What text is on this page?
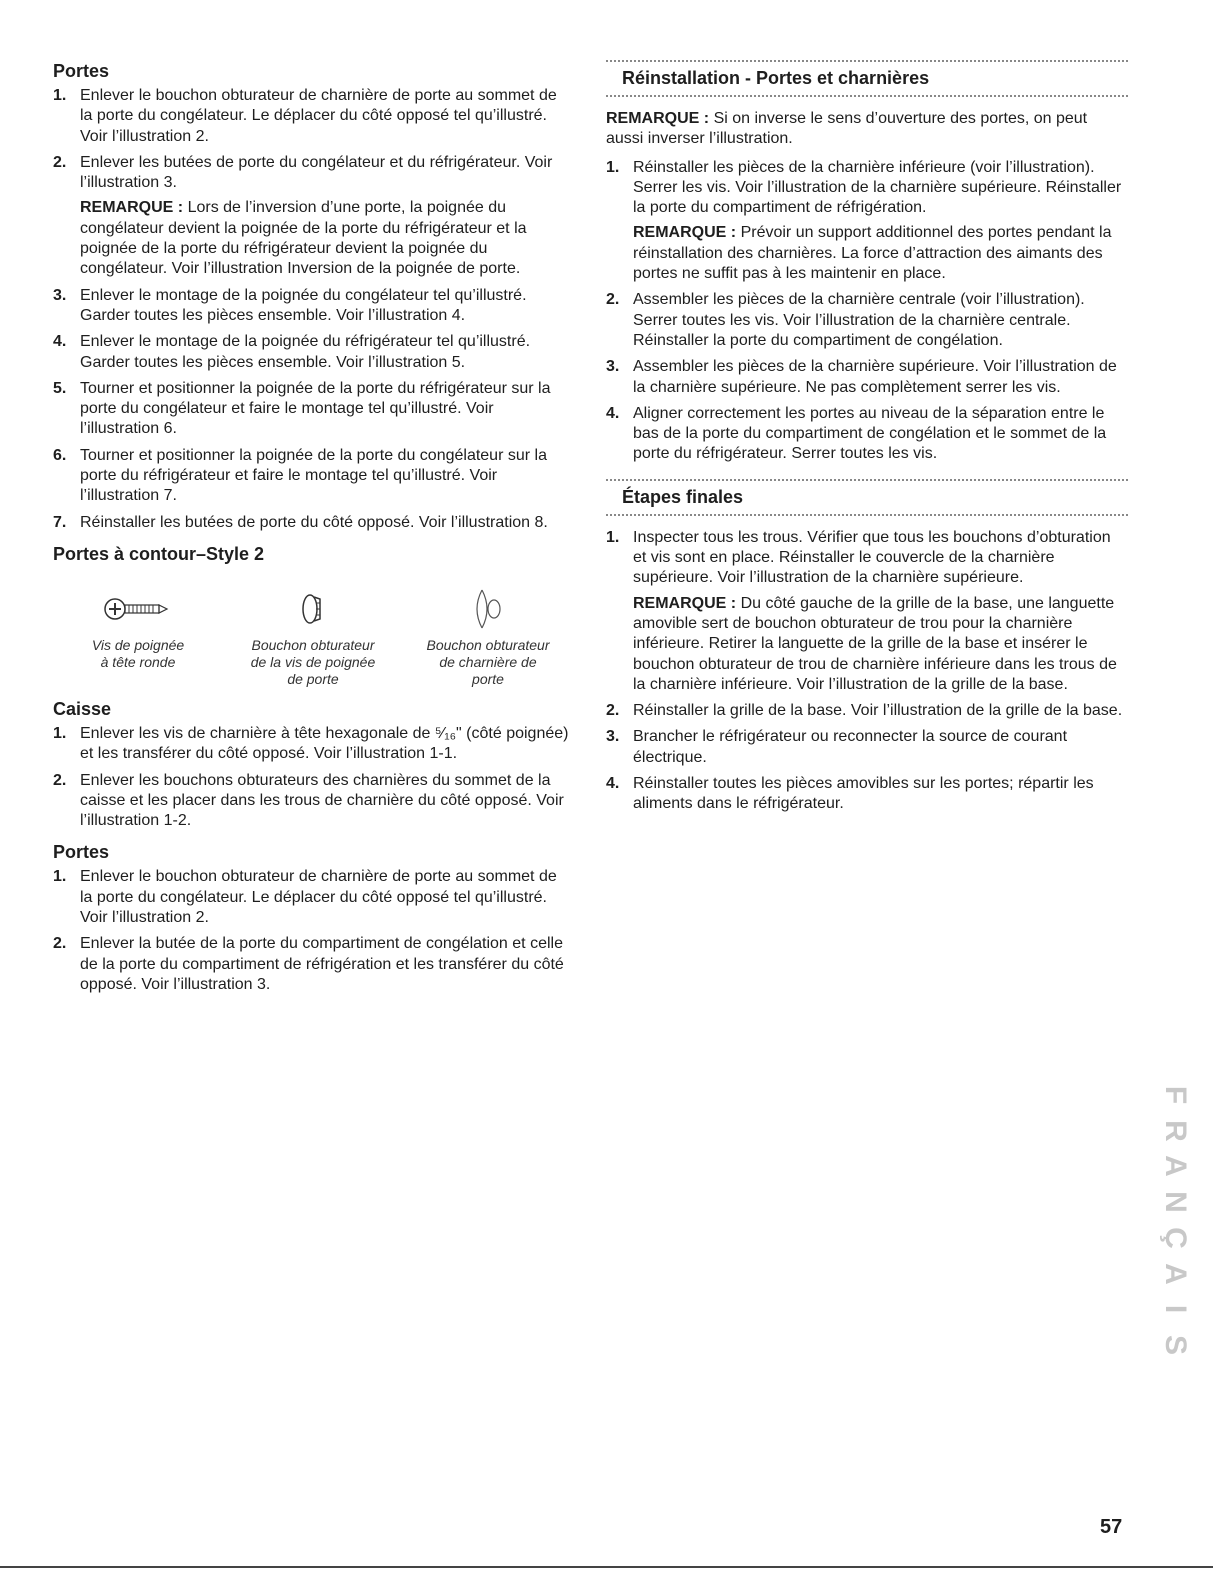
Portes
1. Enlever le bouchon obturateur de charnière de porte au sommet de la porte du congélateur. Le déplacer du côté opposé tel qu’illustré. Voir l’illustration 2.
2. Enlever les butées de porte du congélateur et du réfrigérateur. Voir l’illustration 3.
REMARQUE : Lors de l’inversion d’une porte, la poignée du congélateur devient la poignée de la porte du réfrigérateur et la poignée de la porte du réfrigérateur devient la poignée du congélateur. Voir l’illustration Inversion de la poignée de porte.
3. Enlever le montage de la poignée du congélateur tel qu’illustré. Garder toutes les pièces ensemble. Voir l’illustration 4.
4. Enlever le montage de la poignée du réfrigérateur tel qu’illustré. Garder toutes les pièces ensemble. Voir l’illustration 5.
5. Tourner et positionner la poignée de la porte du réfrigérateur sur la porte du congélateur et faire le montage tel qu’illustré. Voir l’illustration 6.
6. Tourner et positionner la poignée de la porte du congélateur sur la porte du réfrigérateur et faire le montage tel qu’illustré. Voir l’illustration 7.
7. Réinstaller les butées de porte du côté opposé. Voir l’illustration 8.
Portes à contour–Style 2
Vis de poignée
à tête ronde
Bouchon obturateur
de la vis de poignée
de porte
Bouchon obturateur
de charnière de
porte
Caisse
1. Enlever les vis de charnière à tête hexagonale de ⁵⁄₁₆" (côté poignée) et les transférer du côté opposé. Voir l’illustration 1-1.
2. Enlever les bouchons obturateurs des charnières du sommet de la caisse et les placer dans les trous de charnière du côté opposé. Voir l’illustration 1-2.
Portes
1. Enlever le bouchon obturateur de charnière de porte au sommet de la porte du congélateur. Le déplacer du côté opposé tel qu’illustré. Voir l’illustration 2.
2. Enlever la butée de la porte du compartiment de congélation et celle de la porte du compartiment de réfrigération et les transférer du côté opposé. Voir l’illustration 3.
Réinstallation - Portes et charnières
REMARQUE : Si on inverse le sens d’ouverture des portes, on peut aussi inverser l’illustration.
1. Réinstaller les pièces de la charnière inférieure (voir l’illustration). Serrer les vis. Voir l’illustration de la charnière supérieure. Réinstaller la porte du compartiment de réfrigération.
REMARQUE : Prévoir un support additionnel des portes pendant la réinstallation des charnières. La force d’attraction des aimants des portes ne suffit pas à les maintenir en place.
2. Assembler les pièces de la charnière centrale (voir l’illustration). Serrer toutes les vis. Voir l’illustration de la charnière centrale. Réinstaller la porte du compartiment de congélation.
3. Assembler les pièces de la charnière supérieure. Voir l’illustration de la charnière supérieure. Ne pas complètement serrer les vis.
4. Aligner correctement les portes au niveau de la séparation entre le bas de la porte du compartiment de congélation et le sommet de la porte du réfrigérateur. Serrer toutes les vis.
Étapes finales
1. Inspecter tous les trous. Vérifier que tous les bouchons d’obturation et vis sont en place. Réinstaller le couvercle de la charnière supérieure. Voir l’illustration de la charnière supérieure.
REMARQUE : Du côté gauche de la grille de la base, une languette amovible sert de bouchon obturateur de trou pour la charnière inférieure. Retirer la languette de la grille de la base et insérer le bouchon obturateur de trou de charnière inférieure dans les trous de la charnière inférieure. Voir l’illustration de la grille de la base.
2. Réinstaller la grille de la base. Voir l’illustration de la grille de la base.
3. Brancher le réfrigérateur ou reconnecter la source de courant électrique.
4. Réinstaller toutes les pièces amovibles sur les portes; répartir les aliments dans le réfrigérateur.
F
R
A
N
Ç
A
I
S
57
